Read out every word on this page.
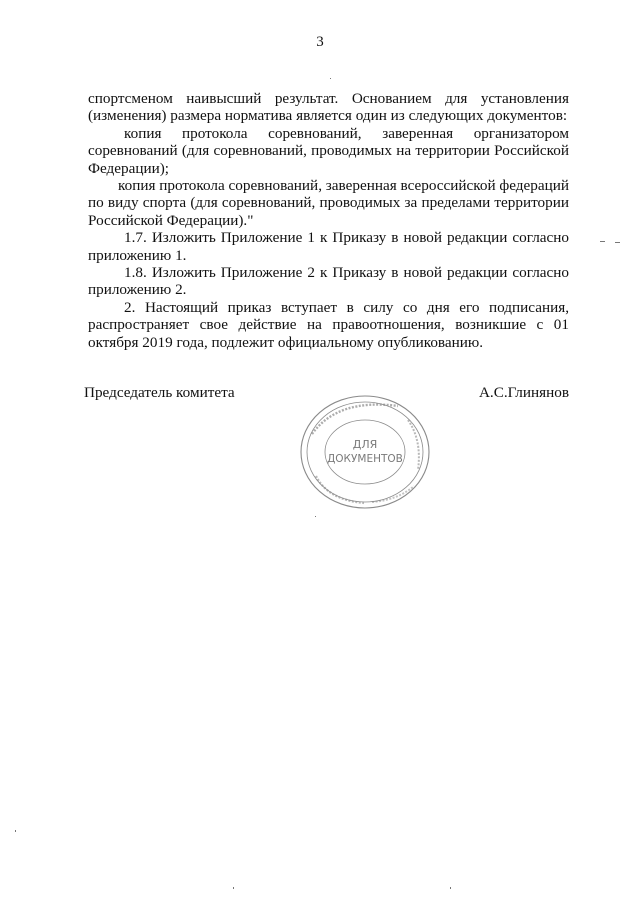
3

спортсменом наивысший результат. Основанием для установления (изменения) размера норматива является один из следующих документов:

копия протокола соревнований, заверенная организатором соревнований (для соревнований, проводимых на территории Российской Федерации);

копия протокола соревнований, заверенная всероссийской федераций по виду спорта (для соревнований, проводимых за пределами территории Российской Федерации)."

1.7. Изложить Приложение 1 к Приказу в новой редакции согласно приложению 1.

1.8. Изложить Приложение 2 к Приказу в новой редакции согласно приложению 2.

2. Настоящий приказ вступает в силу со дня его подписания, распространяет свое действие на правоотношения, возникшие с 01 октября 2019 года, подлежит официальному опубликованию.

Председатель комитета	А.С.Глинянов
ДЛЯ
ДОКУМЕНТОВ
